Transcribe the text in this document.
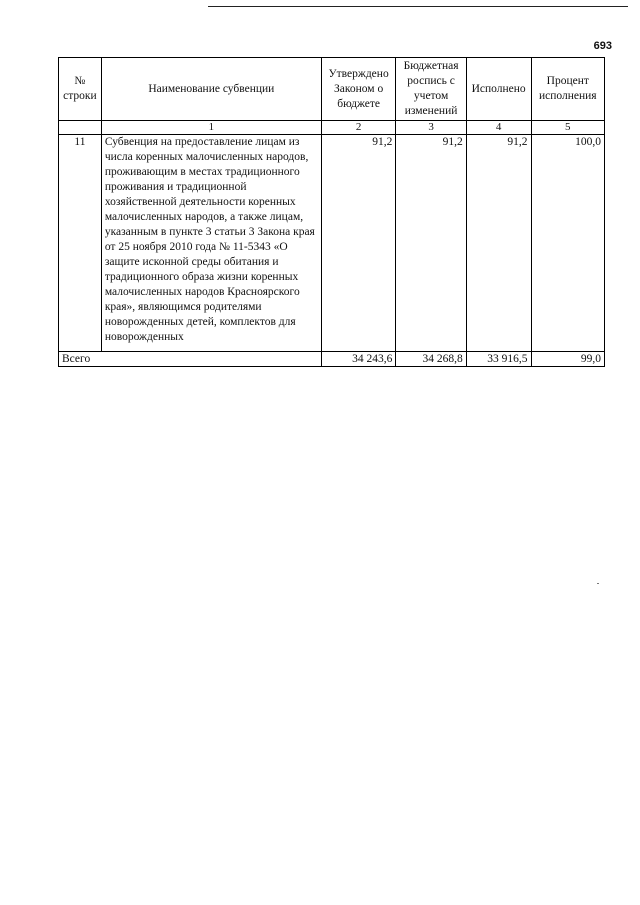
693
№ строки	Наименование субвенции	Утверждено Законом о бюджете	Бюджетная роспись с учетом изменений	Исполнено	Процент исполнения
	1	2	3	4	5
11	Субвенция на предоставление лицам из числа коренных малочисленных народов, проживающим в местах традиционного проживания и традиционной хозяйственной деятельности коренных малочисленных народов, а также лицам, указанным в пункте 3 статьи 3 Закона края от 25 ноября 2010 года № 11-5343 «О защите исконной среды обитания и традиционного образа жизни коренных малочисленных народов Красноярского края», являющимся родителями новорожденных детей, комплектов для новорожденных	91,2	91,2	91,2	100,0
Всего		34 243,6	34 268,8	33 916,5	99,0
